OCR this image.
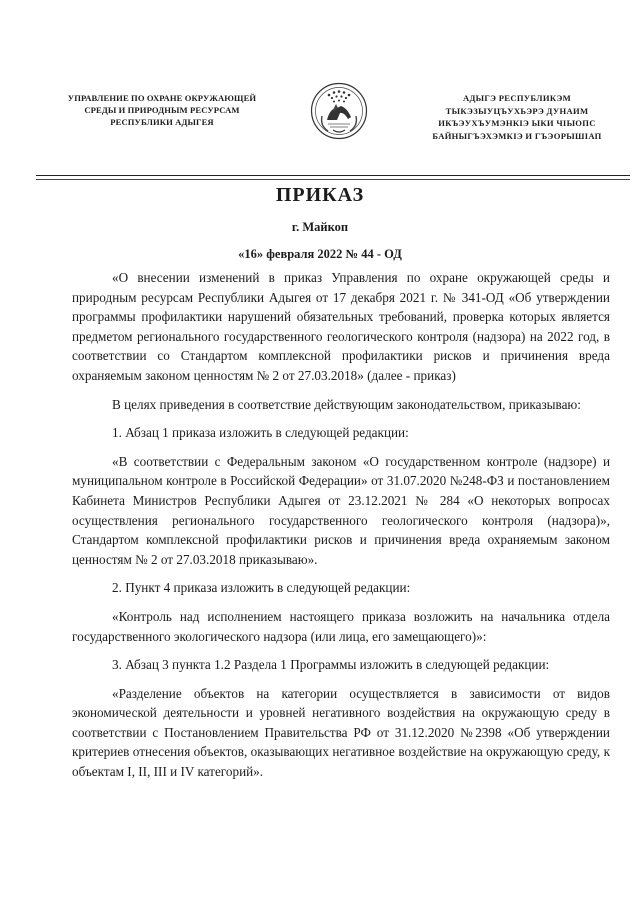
УПРАВЛЕНИЕ ПО ОХРАНЕ ОКРУЖАЮЩЕЙ
СРЕДЫ И ПРИРОДНЫМ РЕСУРСАМ
РЕСПУБЛИКИ АДЫГЕЯ
АДЫГЭ РЕСПУБЛИКЭМ
ТЫКЭЗЫУЦЪУХЬЭРЭ ДУНАИМ
ИКЪЭУХЪУМЭНКIЭ ЫКИ ЧIЫОПС
БАЙНЫГЪЭХЭМКIЭ И ГЪЭОРЫШIАП
ПРИКАЗ
г. Майкоп
«16» февраля 2022 № 44 - ОД

«О внесении изменений в приказ Управления по охране окружающей среды и природным ресурсам Республики Адыгея от 17 декабря 2021 г. № 341-ОД «Об утверждении программы профилактики нарушений обязательных требований, проверка которых является предметом регионального государственного геологического контроля (надзора) на 2022 год, в соответствии со Стандартом комплексной профилактики рисков и причинения вреда охраняемым законом ценностям № 2 от 27.03.2018» (далее - приказ)

В целях приведения в соответствие действующим законодательством, приказываю:

1. Абзац 1 приказа изложить в следующей редакции:

«В соответствии с Федеральным законом «О государственном контроле (надзоре) и муниципальном контроле в Российской Федерации» от 31.07.2020 №248-ФЗ и постановлением Кабинета Министров Республики Адыгея от 23.12.2021 № 284 «О некоторых вопросах осуществления регионального государственного геологического контроля (надзора)», Стандартом комплексной профилактики рисков и причинения вреда охраняемым законом ценностям № 2 от 27.03.2018 приказываю».

2. Пункт 4 приказа изложить в следующей редакции:

«Контроль над исполнением настоящего приказа возложить на начальника отдела государственного экологического надзора (или лица, его замещающего)»:

3. Абзац 3 пункта 1.2 Раздела 1 Программы изложить в следующей редакции:

«Разделение объектов на категории осуществляется в зависимости от видов экономической деятельности и уровней негативного воздействия на окружающую среду в соответствии с Постановлением Правительства РФ от 31.12.2020 №2398 «Об утверждении критериев отнесения объектов, оказывающих негативное воздействие на окружающую среду, к объектам I, II, III и IV категорий».
